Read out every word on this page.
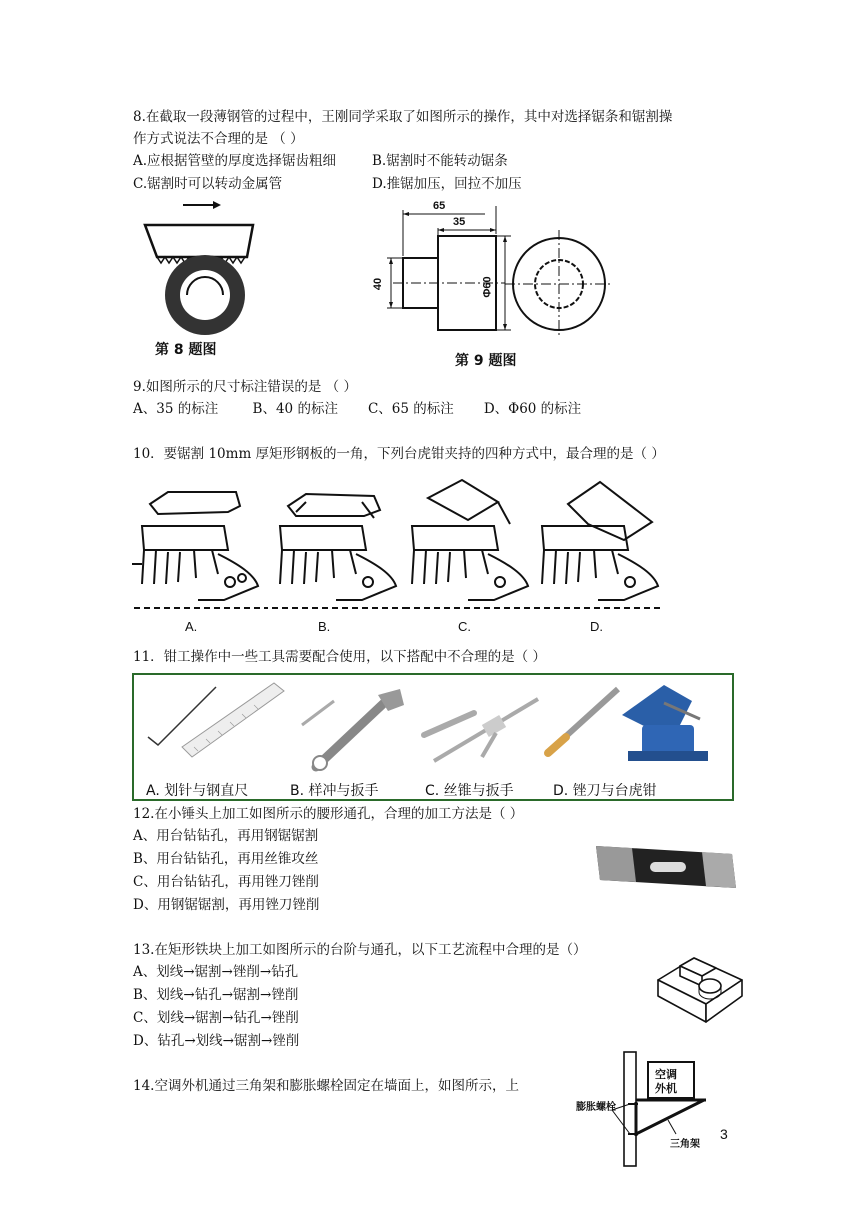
8.在截取一段薄钢管的过程中，王刚同学采取了如图所示的操作，其中对选择锯条和锯割操
作方式说法不合理的是 （ ）
A.应根据管壁的厚度选择锯齿粗细	B.锯割时不能转动锯条
C.锯割时可以转动金属管	D.推锯加压，回拉不加压
第 8 题图
65
35
40	Φ60
第 9 题图
9.如图所示的尺寸标注错误的是 （ ）
A、35 的标注        B、40 的标注       C、65 的标注       D、Φ60 的标注
10．要锯割 10mm 厚矩形钢板的一角，下列台虎钳夹持的四种方式中，最合理的是（ ）
A.	B.	C.	D.
11．钳工操作中一些工具需要配合使用，以下搭配中不合理的是（ ）
A. 划针与钢直尺	B. 样冲与扳手	C. 丝锥与扳手	D. 锉刀与台虎钳
12.在小锤头上加工如图所示的腰形通孔，合理的加工方法是（ ）
A、用台钻钻孔，再用钢锯锯割
B、用台钻钻孔，再用丝锥攻丝
C、用台钻钻孔，再用锉刀锉削
D、用钢锯锯割，再用锉刀锉削
13.在矩形铁块上加工如图所示的台阶与通孔，以下工艺流程中合理的是（）
A、划线→锯割→锉削→钻孔
B、划线→钻孔→锯割→锉削
C、划线→锯割→钻孔→锉削
D、钻孔→划线→锯割→锉削
14.空调外机通过三角架和膨胀螺栓固定在墙面上，如图所示，上
空调
外机
膨胀螺栓
三角架
3
